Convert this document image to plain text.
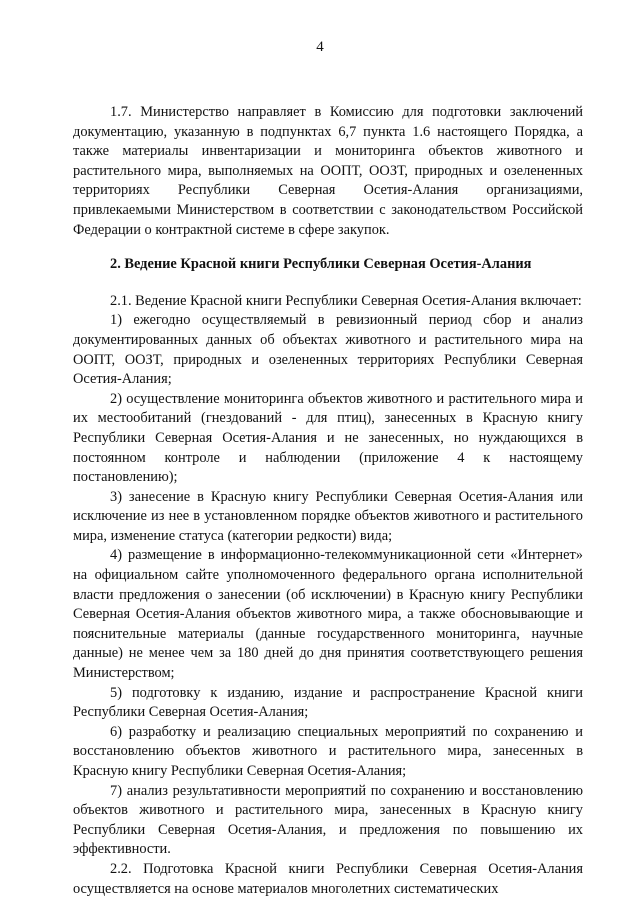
4

1.7. Министерство направляет в Комиссию для подготовки заключений документацию, указанную в подпунктах 6,7 пункта 1.6 настоящего Порядка, а также материалы инвентаризации и мониторинга объектов животного и растительного мира, выполняемых на ООПТ, ООЗТ, природных и озелененных территориях Республики Северная Осетия-Алания организациями, привлекаемыми Министерством в соответствии с законодательством Российской Федерации о контрактной системе в сфере закупок.

2. Ведение Красной книги Республики Северная Осетия-Алания

2.1. Ведение Красной книги Республики Северная Осетия-Алания включает:

1) ежегодно осуществляемый в ревизионный период сбор и анализ документированных данных об объектах животного и растительного мира на ООПТ, ООЗТ, природных и озелененных территориях Республики Северная Осетия-Алания;

2) осуществление мониторинга объектов животного и растительного мира и их местообитаний (гнездований - для птиц), занесенных в Красную книгу Республики Северная Осетия-Алания и не занесенных, но нуждающихся в постоянном контроле и наблюдении (приложение 4 к настоящему постановлению);

3) занесение в Красную книгу Республики Северная Осетия-Алания или исключение из нее в установленном порядке объектов животного и растительного мира, изменение статуса (категории редкости) вида;

4) размещение в информационно-телекоммуникационной сети «Интернет» на официальном сайте уполномоченного федерального органа исполнительной власти предложения о занесении (об исключении) в Красную книгу Республики Северная Осетия-Алания объектов животного мира, а также обосновывающие и пояснительные материалы (данные государственного мониторинга, научные данные) не менее чем за 180 дней до дня принятия соответствующего решения Министерством;

5) подготовку к изданию, издание и распространение Красной книги Республики Северная Осетия-Алания;

6) разработку и реализацию специальных мероприятий по сохранению и восстановлению объектов животного и растительного мира, занесенных в Красную книгу Республики Северная Осетия-Алания;

7) анализ результативности мероприятий по сохранению и восстановлению объектов животного и растительного мира, занесенных в Красную книгу Республики Северная Осетия-Алания, и предложения по повышению их эффективности.

2.2. Подготовка Красной книги Республики Северная Осетия-Алания осуществляется на основе материалов многолетних систематических
